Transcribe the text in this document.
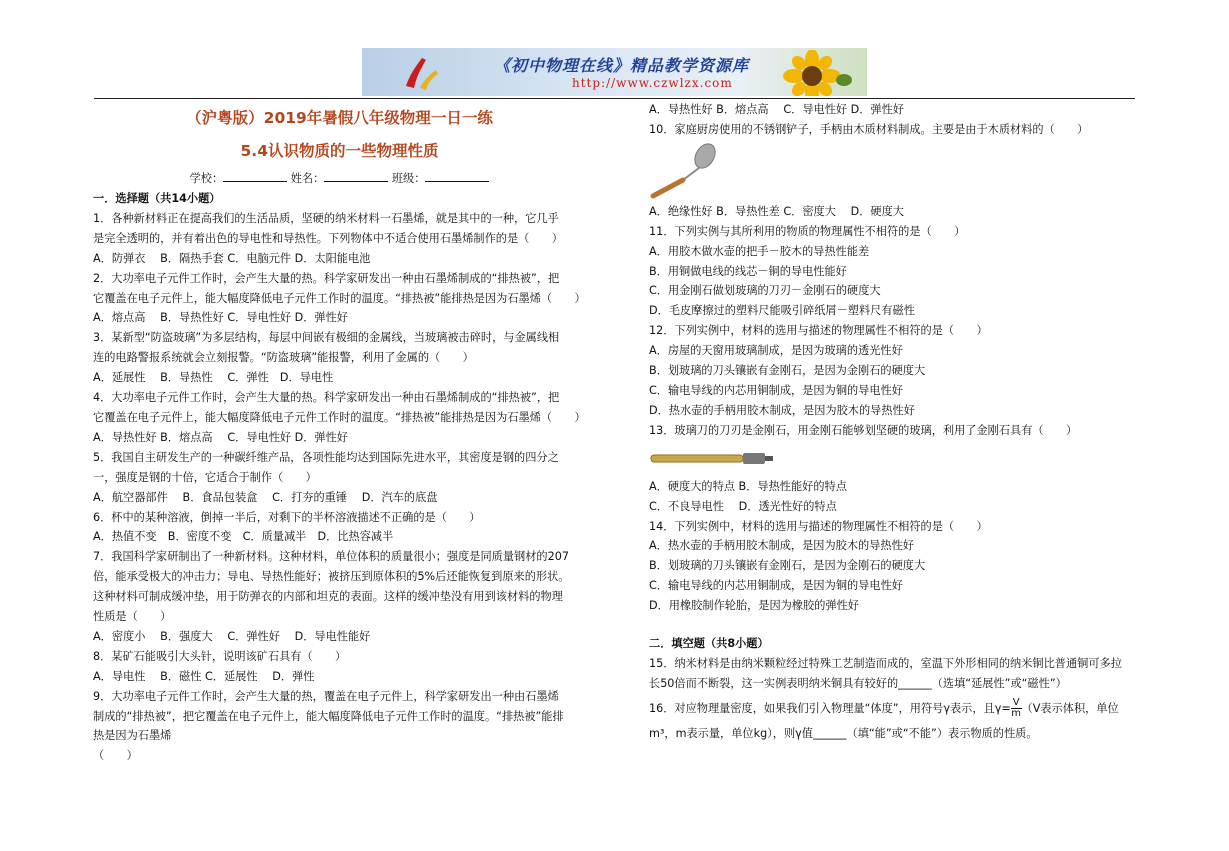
《初中物理在线》精品教学资源库
http://www.czwlzx.com
（沪粤版）2019年暑假八年级物理一日一练
5.4认识物质的一些物理性质
学校：	姓名：	班级：
一．选择题（共14小题）
1．各种新材料正在提高我们的生活品质，坚硬的纳米材料一石墨烯，就是其中的一种，它几乎
是完全透明的，并有着出色的导电性和导热性。下列物体中不适合使用石墨烯制作的是（　　）
A．防弹衣　 B．隔热手套 C．电脑元件 D．太阳能电池
2．大功率电子元件工作时，会产生大量的热。科学家研发出一种由石墨烯制成的“排热被”，把
它覆盖在电子元件上，能大幅度降低电子元件工作时的温度。“排热被”能排热是因为石墨烯（　　）
A．熔点高　 B．导热性好 C．导电性好 D．弹性好
3．某新型“防盗玻璃”为多层结构，每层中间嵌有极细的金属线，当玻璃被击碎时，与金属线相
连的电路警报系统就会立刻报警。“防盗玻璃”能报警，利用了金属的（　　）
A．延展性　 B．导热性　 C．弹性　D．导电性
4．大功率电子元件工作时，会产生大量的热。科学家研发出一种由石墨烯制成的“排热被”，把
它覆盖在电子元件上，能大幅度降低电子元件工作时的温度。“排热被”能排热是因为石墨烯（　　）
A．导热性好 B．熔点高　 C．导电性好 D．弹性好
5．我国自主研发生产的一种碳纤维产品，各项性能均达到国际先进水平，其密度是钢的四分之
一，强度是钢的十倍，它适合于制作（　　）
A．航空器部件　 B．食品包装盒　 C．打夯的重锤　 D．汽车的底盘
6．杯中的某种溶液，倒掉一半后，对剩下的半杯溶液描述不正确的是（　　）
A．热值不变　B．密度不变　C．质量减半　D．比热容减半
7．我国科学家研制出了一种新材料。这种材料，单位体积的质量很小；强度是同质量钢材的207
倍，能承受极大的冲击力；导电、导热性能好；被挤压到原体积的5%后还能恢复到原来的形状。
这种材料可制成缓冲垫，用于防弹衣的内部和坦克的表面。这样的缓冲垫没有用到该材料的物理
性质是（　　）
A．密度小　 B．强度大　 C．弹性好　 D．导电性能好
8．某矿石能吸引大头针，说明该矿石具有（　　）
A．导电性　 B．磁性 C．延展性　 D．弹性
9．大功率电子元件工作时，会产生大量的热，覆盖在电子元件上，科学家研发出一种由石墨烯
制成的“排热被”，把它覆盖在电子元件上，能大幅度降低电子元件工作时的温度。“排热被”能排
热是因为石墨烯
（　　）
A．导热性好 B．熔点高　 C．导电性好 D．弹性好
10．家庭厨房使用的不锈钢铲子，手柄由木质材料制成。主要是由于木质材料的（　　）
A．绝缘性好 B．导热性差 C．密度大　 D．硬度大
11．下列实例与其所利用的物质的物理属性不相符的是（　　）
A．用胶木做水壶的把手－胶木的导热性能差
B．用铜做电线的线芯－铜的导电性能好
C．用金刚石做划玻璃的刀刃－金刚石的硬度大
D．毛皮摩擦过的塑料尺能吸引碎纸屑－塑料尺有磁性
12．下列实例中，材料的选用与描述的物理属性不相符的是（　　）
A．房屋的天窗用玻璃制成，是因为玻璃的透光性好
B．划玻璃的刀头镶嵌有金刚石，是因为金刚石的硬度大
C．输电导线的内芯用铜制成，是因为铜的导电性好
D．热水壶的手柄用胶木制成，是因为胶木的导热性好
13．玻璃刀的刀刃是金刚石，用金刚石能够划坚硬的玻璃，利用了金刚石具有（　　）
A．硬度大的特点 B．导热性能好的特点
C．不良导电性　 D．透光性好的特点
14．下列实例中，材料的选用与描述的物理属性不相符的是（　　）
A．热水壶的手柄用胶木制成，是因为胶木的导热性好
B．划玻璃的刀头镶嵌有金刚石，是因为金刚石的硬度大
C．输电导线的内芯用铜制成，是因为铜的导电性好
D．用橡胶制作轮胎，是因为橡胶的弹性好
二．填空题（共8小题）
15．纳米材料是由纳米颗粒经过特殊工艺制造而成的，室温下外形相同的纳米铜比普通铜可多拉
长50倍而不断裂，这一实例表明纳米铜具有较好的______（选填“延展性”或“磁性”）
16．对应物理量密度，如果我们引入物理量“体度”，用符号γ表示，且$\gamma= \frac{V}{m} (V$表示体积，单位
m³，m表示量，单位kg），则γ值______（填“能”或“不能”）表示物质的性质。
